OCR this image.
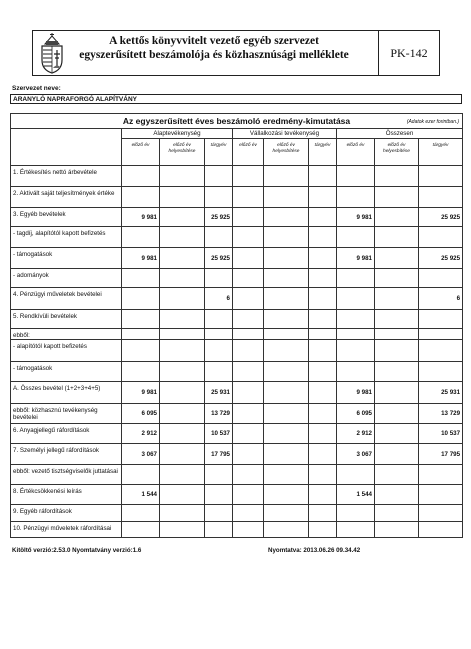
A kettős könyvvitelt vezető egyéb szervezet
egyszerűsített beszámolója és közhasznúsági melléklete	PK-142
Szervezet neve:
ARANYLÓ NAPRAFORGÓ ALAPÍTVÁNY
Az egyszerűsített éves beszámoló eredmény-kimutatása (Adatok ezer forintban.)									

	Alaptevékenység			Vállalkozási tevékenység			Összesen		
	előző év	előző év helyesbítése	tárgyév	előző év	előző év helyesbítése	tárgyév	előző év	előző év helyesbítése	tárgyév
1. Értékesítés nettó árbevétele									
2. Aktivált saját teljesítmények értéke									
3. Egyéb bevételek	9 981		25 925				9 981		25 925
- tagdíj, alapítótól kapott befizetés									
- támogatások	9 981		25 925				9 981		25 925
- adományok									
4. Pénzügyi műveletek bevételei			6						6
5. Rendkívüli bevételek									
ebből:									
- alapítótól kapott befizetés									
- támogatások									
A. Összes bevétel (1+2+3+4+5)	9 981		25 931				9 981		25 931
ebből: közhasznú tevékenység bevételei	6 095		13 729				6 095		13 729
6. Anyagjellegű ráfordítások	2 912		10 537				2 912		10 537
7. Személyi jellegű ráfordítások	3 067		17 795				3 067		17 795
ebből: vezető tisztségviselők juttatásai									
8. Értékcsökkenési leírás	1 544						1 544		
9. Egyéb ráfordítások									
10. Pénzügyi műveletek ráfordításai									
Kitöltő verzió:2.53.0 Nyomtatvány verzió:1.6	Nyomtatva: 2013.06.26 09.34.42
